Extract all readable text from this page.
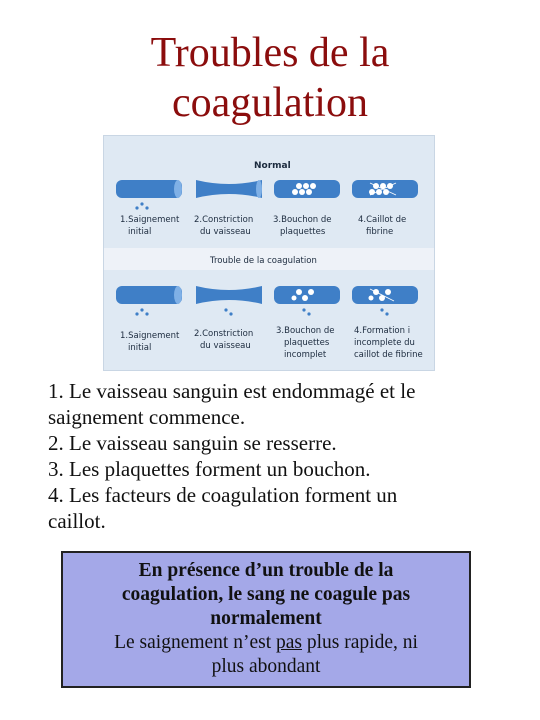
Troubles de la
coagulation
Normal
1.Saignement initial
2.Constriction du vaisseau
3.Bouchon de plaquettes
4.Caillot de fibrine
Trouble de la coagulation
1.Saignement initial
2.Constriction du vaisseau
3.Bouchon de plaquettes incomplet
4.Formation i incomplete du caillot de fibrine
1. Le vaisseau sanguin est endommagé et le
saignement commence.
2. Le vaisseau sanguin se resserre.
3. Les plaquettes forment un bouchon.
4. Les facteurs de coagulation forment un
caillot.
En présence d’un trouble de la
coagulation, le sang ne coagule pas
normalement
Le saignement n’est pas plus rapide, ni
plus abondant
